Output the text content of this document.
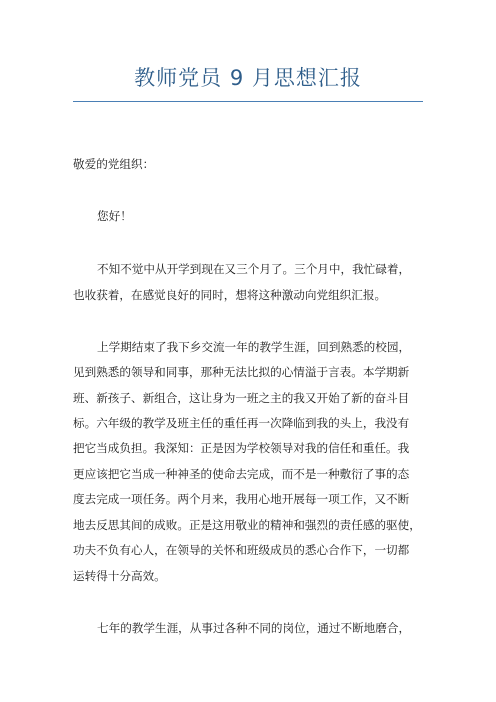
教师党员 9 月思想汇报
敬爱的党组织：
您好！
不知不觉中从开学到现在又三个月了。三个月中，我忙碌着，
也收获着，在感觉良好的同时，想将这种激动向党组织汇报。
上学期结束了我下乡交流一年的教学生涯，回到熟悉的校园，
见到熟悉的领导和同事，那种无法比拟的心情溢于言表。本学期新
班、新孩子、新组合，这让身为一班之主的我又开始了新的奋斗目
标。六年级的教学及班主任的重任再一次降临到我的头上，我没有
把它当成负担。我深知：正是因为学校领导对我的信任和重任。我
更应该把它当成一种神圣的使命去完成，而不是一种敷衍了事的态
度去完成一项任务。两个月来，我用心地开展每一项工作，又不断
地去反思其间的成败。正是这用敬业的精神和强烈的责任感的驱使，
功夫不负有心人，在领导的关怀和班级成员的悉心合作下，一切都
运转得十分高效。
七年的教学生涯，从事过各种不同的岗位，通过不断地磨合，
